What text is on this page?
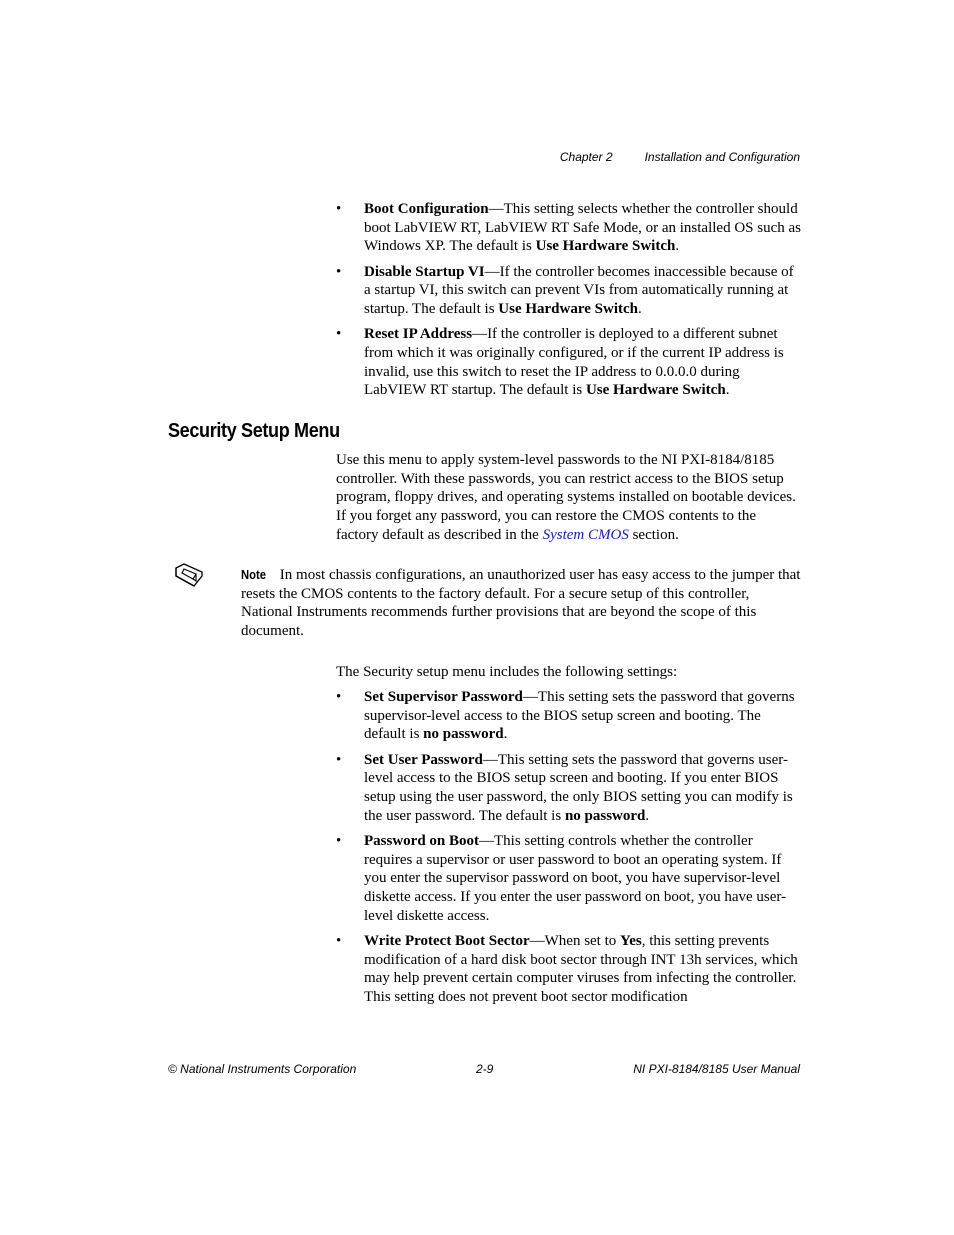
Chapter 2	Installation and Configuration
• Boot Configuration—This setting selects whether the controller should boot LabVIEW RT, LabVIEW RT Safe Mode, or an installed OS such as Windows XP. The default is Use Hardware Switch.
• Disable Startup VI—If the controller becomes inaccessible because of a startup VI, this switch can prevent VIs from automatically running at startup. The default is Use Hardware Switch.
• Reset IP Address—If the controller is deployed to a different subnet from which it was originally configured, or if the current IP address is invalid, use this switch to reset the IP address to 0.0.0.0 during LabVIEW RT startup. The default is Use Hardware Switch.
Security Setup Menu

Use this menu to apply system-level passwords to the NI PXI-8184/8185 controller. With these passwords, you can restrict access to the BIOS setup program, floppy drives, and operating systems installed on bootable devices. If you forget any password, you can restore the CMOS contents to the factory default as described in the System CMOS section.

Note In most chassis configurations, an unauthorized user has easy access to the jumper that resets the CMOS contents to the factory default. For a secure setup of this controller, National Instruments recommends further provisions that are beyond the scope of this document.

The Security setup menu includes the following settings:

• Set Supervisor Password—This setting sets the password that governs supervisor-level access to the BIOS setup screen and booting. The default is no password.
• Set User Password—This setting sets the password that governs user-level access to the BIOS setup screen and booting. If you enter BIOS setup using the user password, the only BIOS setting you can modify is the user password. The default is no password.
• Password on Boot—This setting controls whether the controller requires a supervisor or user password to boot an operating system. If you enter the supervisor password on boot, you have supervisor-level diskette access. If you enter the user password on boot, you have user-level diskette access.
• Write Protect Boot Sector—When set to Yes, this setting prevents modification of a hard disk boot sector through INT 13h services, which may help prevent certain computer viruses from infecting the controller. This setting does not prevent boot sector modification
© National Instruments Corporation	2-9	NI PXI-8184/8185 User Manual
